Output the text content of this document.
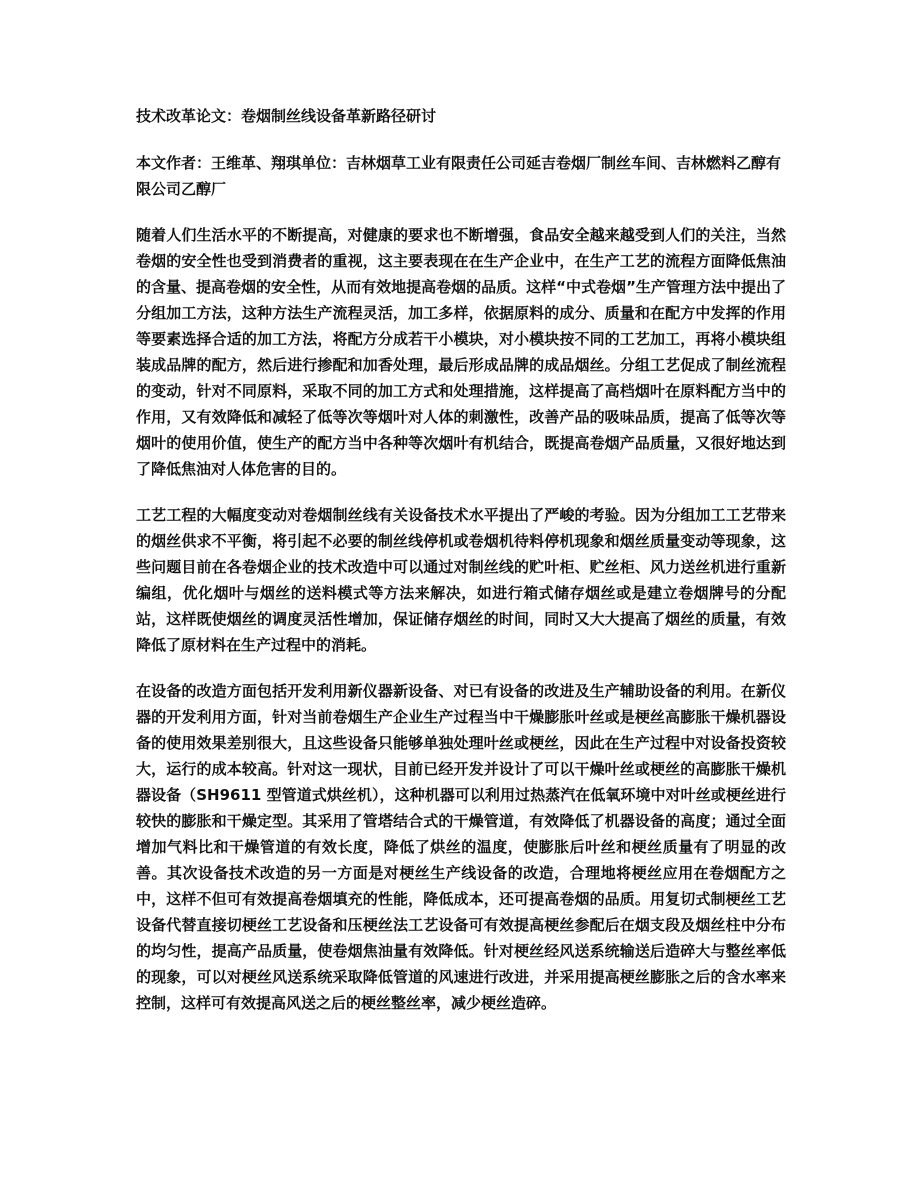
技术改革论文：卷烟制丝线设备革新路径研讨
本文作者：王维革、翔琪单位：吉林烟草工业有限责任公司延吉卷烟厂制丝车间、吉林燃料乙醇有限公司乙醇厂

随着人们生活水平的不断提高，对健康的要求也不断增强，食品安全越来越受到人们的关注，当然卷烟的安全性也受到消费者的重视，这主要表现在在生产企业中，在生产工艺的流程方面降低焦油的含量、提高卷烟的安全性，从而有效地提高卷烟的品质。这样“中式卷烟”生产管理方法中提出了分组加工方法，这种方法生产流程灵活，加工多样，依据原料的成分、质量和在配方中发挥的作用等要素选择合适的加工方法，将配方分成若干小模块，对小模块按不同的工艺加工，再将小模块组装成品牌的配方，然后进行掺配和加香处理，最后形成品牌的成品烟丝。分组工艺促成了制丝流程的变动，针对不同原料，采取不同的加工方式和处理措施，这样提高了高档烟叶在原料配方当中的作用，又有效降低和减轻了低等次等烟叶对人体的刺激性，改善产品的吸味品质，提高了低等次等烟叶的使用价值，使生产的配方当中各种等次烟叶有机结合，既提高卷烟产品质量，又很好地达到了降低焦油对人体危害的目的。

工艺工程的大幅度变动对卷烟制丝线有关设备技术水平提出了严峻的考验。因为分组加工工艺带来的烟丝供求不平衡，将引起不必要的制丝线停机或卷烟机待料停机现象和烟丝质量变动等现象，这些问题目前在各卷烟企业的技术改造中可以通过对制丝线的贮叶柜、贮丝柜、风力送丝机进行重新编组，优化烟叶与烟丝的送料模式等方法来解决，如进行箱式储存烟丝或是建立卷烟牌号的分配站，这样既使烟丝的调度灵活性增加，保证储存烟丝的时间，同时又大大提高了烟丝的质量，有效降低了原材料在生产过程中的消耗。

在设备的改造方面包括开发利用新仪器新设备、对已有设备的改进及生产辅助设备的利用。在新仪器的开发利用方面，针对当前卷烟生产企业生产过程当中干燥膨胀叶丝或是梗丝高膨胀干燥机器设备的使用效果差别很大，且这些设备只能够单独处理叶丝或梗丝，因此在生产过程中对设备投资较大，运行的成本较高。针对这一现状，目前已经开发并设计了可以干燥叶丝或梗丝的高膨胀干燥机器设备（SH9611 型管道式烘丝机），这种机器可以利用过热蒸汽在低氧环境中对叶丝或梗丝进行较快的膨胀和干燥定型。其采用了管塔结合式的干燥管道，有效降低了机器设备的高度；通过全面增加气料比和干燥管道的有效长度，降低了烘丝的温度，使膨胀后叶丝和梗丝质量有了明显的改善。其次设备技术改造的另一方面是对梗丝生产线设备的改造，合理地将梗丝应用在卷烟配方之中，这样不但可有效提高卷烟填充的性能，降低成本，还可提高卷烟的品质。用复切式制梗丝工艺设备代替直接切梗丝工艺设备和压梗丝法工艺设备可有效提高梗丝参配后在烟支段及烟丝柱中分布的均匀性，提高产品质量，使卷烟焦油量有效降低。针对梗丝经风送系统输送后造碎大与整丝率低的现象，可以对梗丝风送系统采取降低管道的风速进行改进，并采用提高梗丝膨胀之后的含水率来控制，这样可有效提高风送之后的梗丝整丝率，减少梗丝造碎。
